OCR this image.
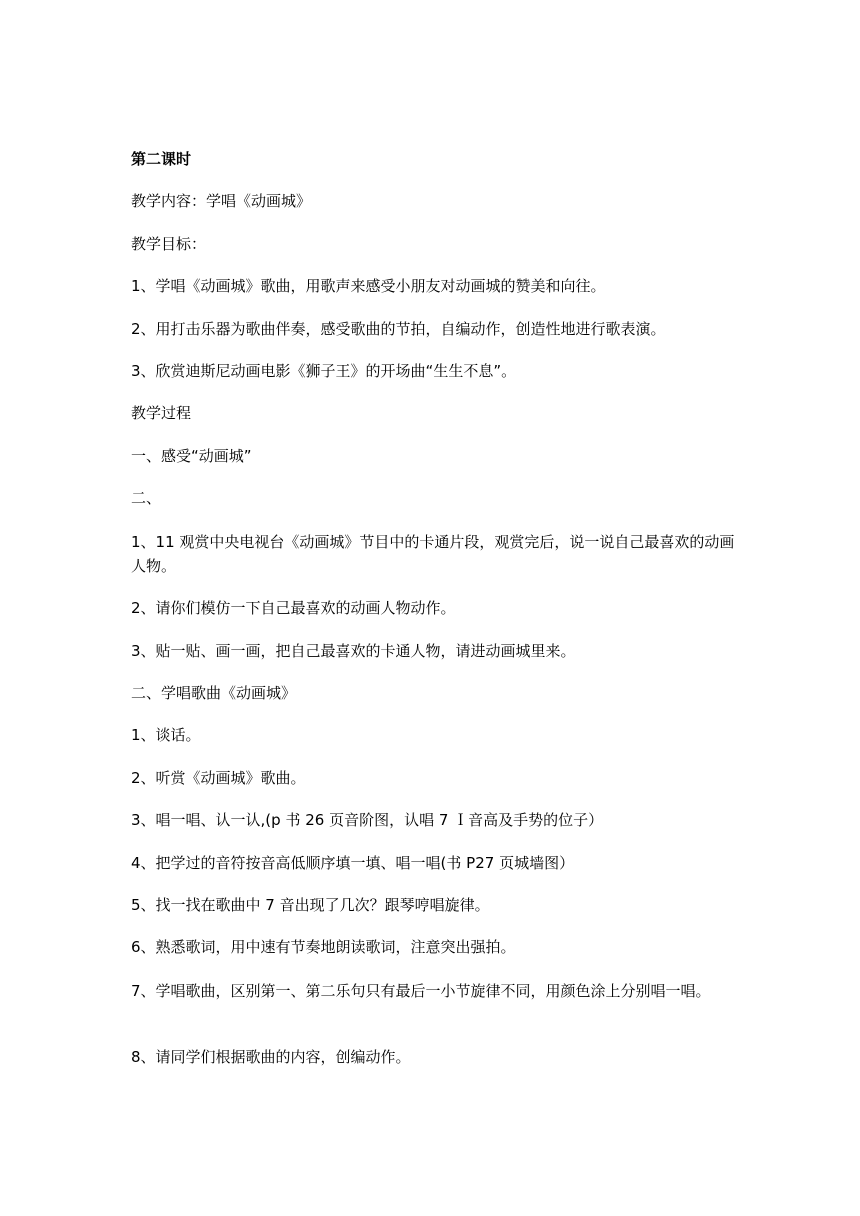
第二课时
教学内容：学唱《动画城》
教学目标：
1、学唱《动画城》歌曲，用歌声来感受小朋友对动画城的赞美和向往。
2、用打击乐器为歌曲伴奏，感受歌曲的节拍，自编动作，创造性地进行歌表演。
3、欣赏迪斯尼动画电影《狮子王》的开场曲“生生不息”。
教学过程
一、感受“动画城”
二、
1、11 观赏中央电视台《动画城》节目中的卡通片段，观赏完后，说一说自己最喜欢的动画人物。
2、请你们模仿一下自己最喜欢的动画人物动作。
3、贴一贴、画一画，把自己最喜欢的卡通人物，请进动画城里来。
二、学唱歌曲《动画城》
1、谈话。
2、听赏《动画城》歌曲。
3、唱一唱、认一认,(p 书 26 页音阶图，认唱 7 Ｉ音高及手势的位子）
4、把学过的音符按音高低顺序填一填、唱一唱(书 P27 页城墙图）
5、找一找在歌曲中 7 音出现了几次？跟琴哼唱旋律。
6、熟悉歌词，用中速有节奏地朗读歌词，注意突出强拍。
7、学唱歌曲，区别第一、第二乐句只有最后一小节旋律不同，用颜色涂上分别唱一唱。
8、请同学们根据歌曲的内容，创编动作。
